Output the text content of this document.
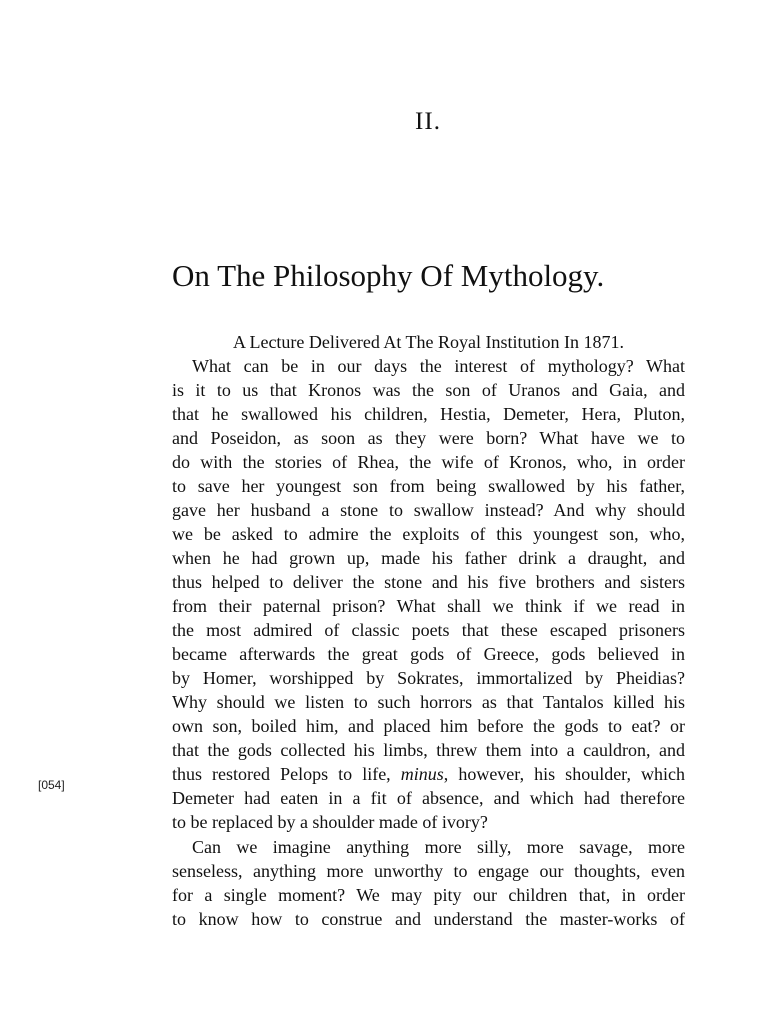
II.
On The Philosophy Of Mythology.
A Lecture Delivered At The Royal Institution In 1871.
[054]
What can be in our days the interest of mythology? What
is it to us that Kronos was the son of Uranos and Gaia, and
that he swallowed his children, Hestia, Demeter, Hera, Pluton,
and Poseidon, as soon as they were born? What have we to
do with the stories of Rhea, the wife of Kronos, who, in order
to save her youngest son from being swallowed by his father,
gave her husband a stone to swallow instead? And why should
we be asked to admire the exploits of this youngest son, who,
when he had grown up, made his father drink a draught, and
thus helped to deliver the stone and his five brothers and sisters
from their paternal prison? What shall we think if we read in
the most admired of classic poets that these escaped prisoners
became afterwards the great gods of Greece, gods believed in
by Homer, worshipped by Sokrates, immortalized by Pheidias?
Why should we listen to such horrors as that Tantalos killed his
own son, boiled him, and placed him before the gods to eat? or
that the gods collected his limbs, threw them into a cauldron, and
thus restored Pelops to life, minus, however, his shoulder, which
Demeter had eaten in a fit of absence, and which had therefore
to be replaced by a shoulder made of ivory?
Can we imagine anything more silly, more savage, more
senseless, anything more unworthy to engage our thoughts, even
for a single moment? We may pity our children that, in order
to know how to construe and understand the master-works of
